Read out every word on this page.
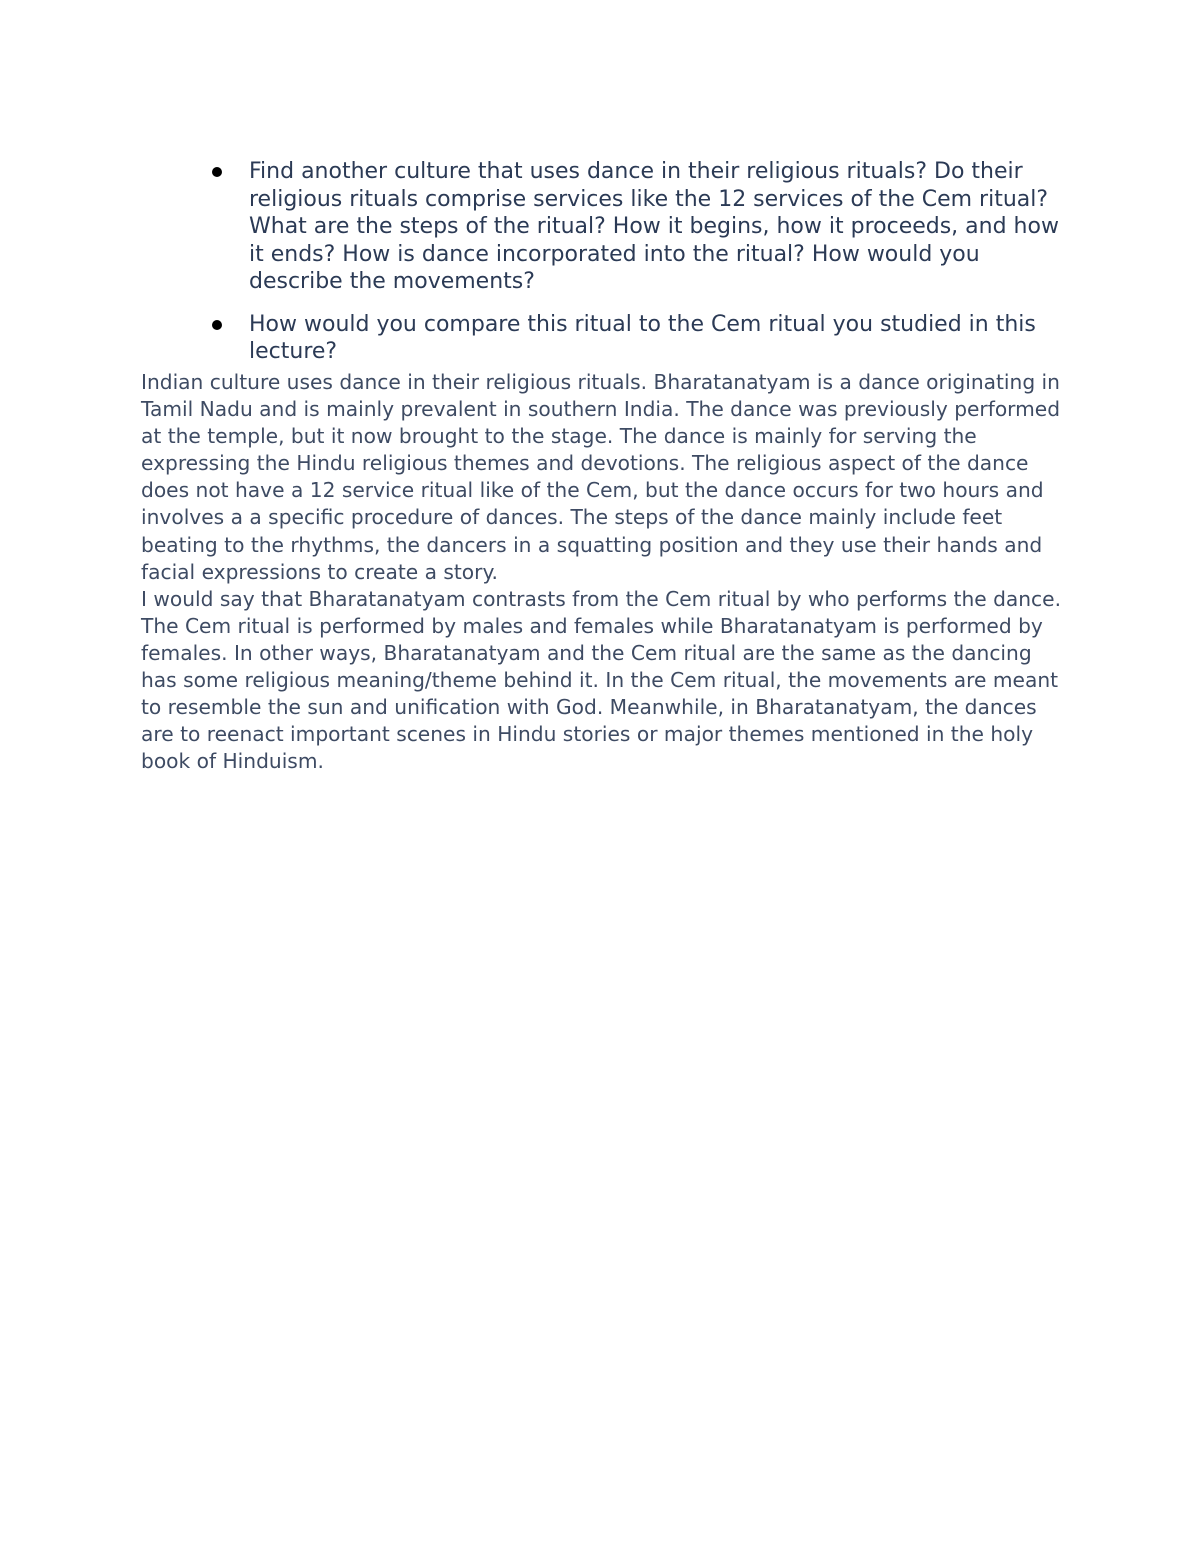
Find another culture that uses dance in their religious rituals? Do their religious rituals comprise services like the 12 services of the Cem ritual? What are the steps of the ritual? How it begins, how it proceeds, and how it ends? How is dance incorporated into the ritual? How would you describe the movements?
How would you compare this ritual to the Cem ritual you studied in this lecture?

Indian culture uses dance in their religious rituals. Bharatanatyam is a dance originating in Tamil Nadu and is mainly prevalent in southern India. The dance was previously performed at the temple, but it now brought to the stage. The dance is mainly for serving the expressing the Hindu religious themes and devotions. The religious aspect of the dance does not have a 12 service ritual like of the Cem, but the dance occurs for two hours and involves a a specific procedure of dances. The steps of the dance mainly include feet beating to the rhythms, the dancers in a squatting position and they use their hands and facial expressions to create a story.
I would say that Bharatanatyam contrasts from the Cem ritual by who performs the dance. The Cem ritual is performed by males and females while Bharatanatyam is performed by females. In other ways, Bharatanatyam and the Cem ritual are the same as the dancing has some religious meaning/theme behind it. In the Cem ritual, the movements are meant to resemble the sun and unification with God. Meanwhile, in Bharatanatyam, the dances are to reenact important scenes in Hindu stories or major themes mentioned in the holy book of Hinduism.
